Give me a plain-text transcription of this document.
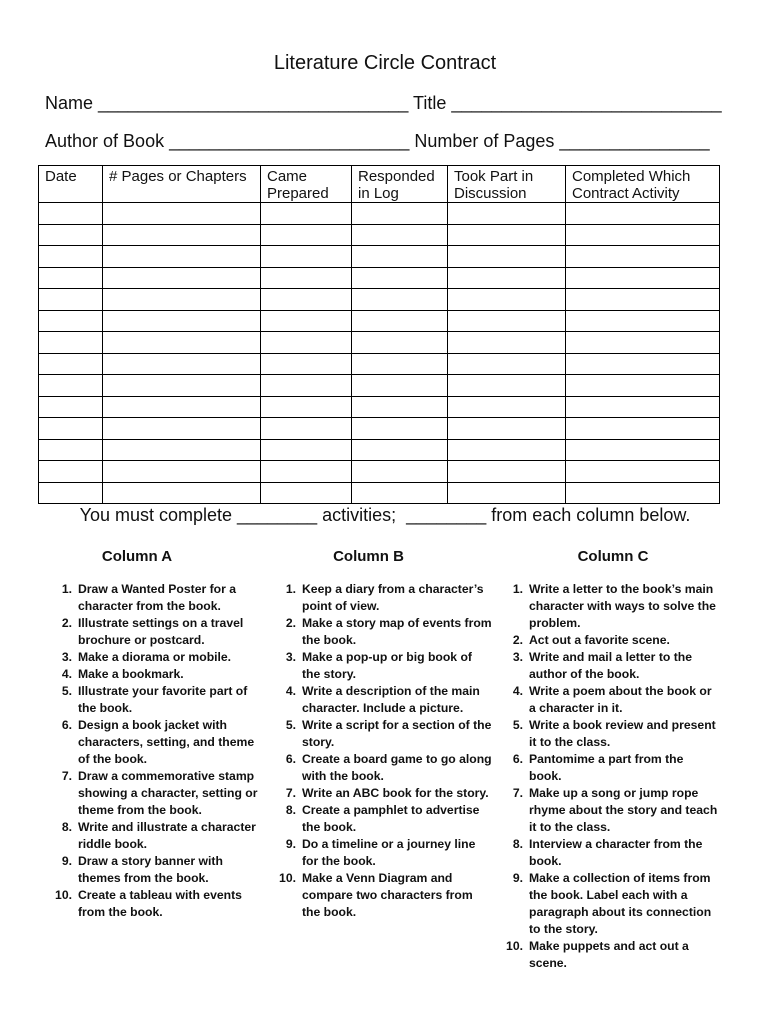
Literature Circle Contract
Name _______________________________ Title ___________________________
Author of Book ________________________ Number of Pages _______________
Date	# Pages or Chapters	Came Prepared	Responded in Log	Took Part in Discussion	Completed Which Contract Activity

You must complete ________ activities;  ________ from each column below.
Column A
1. Draw a Wanted Poster for a character from the book.
2. Illustrate settings on a travel brochure or postcard.
3. Make a diorama or mobile.
4. Make a bookmark.
5. Illustrate your favorite part of the book.
6. Design a book jacket with characters, setting, and theme of the book.
7. Draw a commemorative stamp showing a character, setting or theme from the book.
8. Write and illustrate a character riddle book.
9. Draw a story banner with themes from the book.
10. Create a tableau with events from the book.
Column B
1. Keep a diary from a character’s point of view.
2. Make a story map of events from the book.
3. Make a pop-up or big book of the story.
4. Write a description of the main character. Include a picture.
5. Write a script for a section of the story.
6. Create a board game to go along with the book.
7. Write an ABC book for the story.
8. Create a pamphlet to advertise the book.
9. Do a timeline or a journey line for the book.
10. Make a Venn Diagram and compare two characters from the book.
Column C
1. Write a letter to the book’s main character with ways to solve the problem.
2. Act out a favorite scene.
3. Write and mail a letter to the author of the book.
4. Write a poem about the book or a character in it.
5. Write a book review and present it to the class.
6. Pantomime a part from the book.
7. Make up a song or jump rope rhyme about the story and teach it to the class.
8. Interview a character from the book.
9. Make a collection of items from the book. Label each with a paragraph about its connection to the story.
10. Make puppets and act out a scene.
